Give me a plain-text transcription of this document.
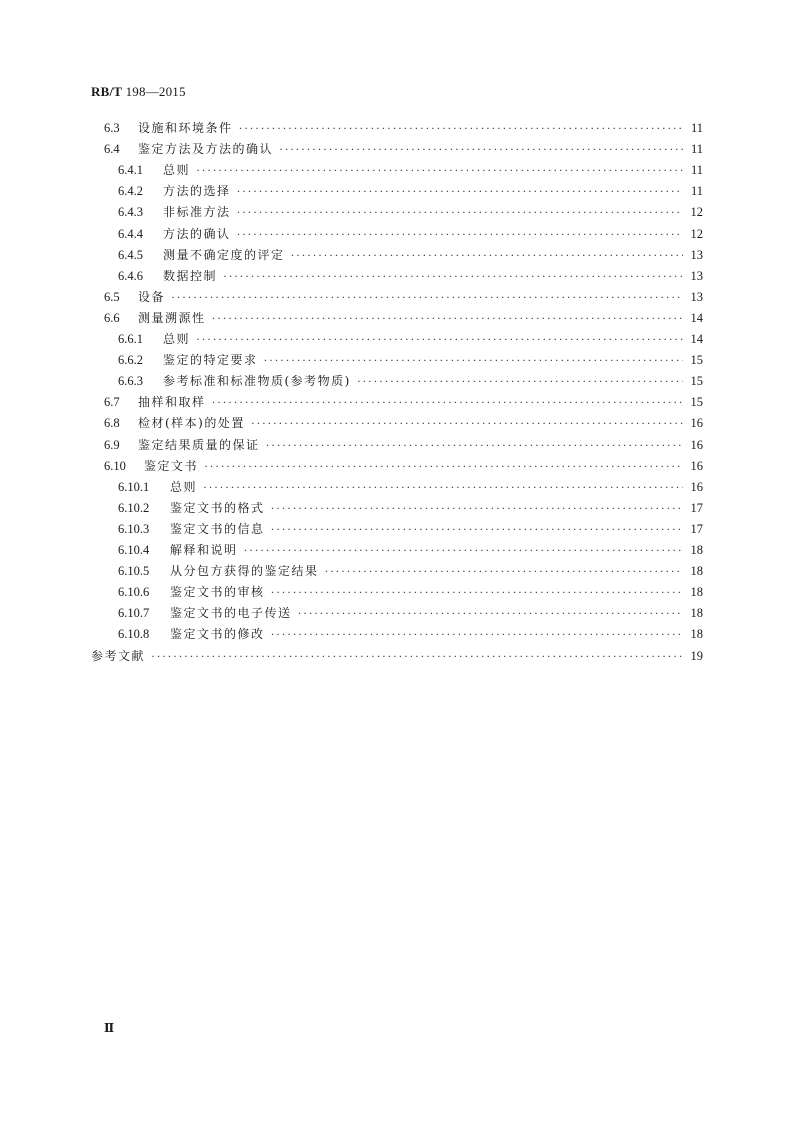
RB/T 198—2015
6.3	设施和环境条件 ·····	11
6.4	鉴定方法及方法的确认 ·····	11
6.4.1	总则 ·····	11
6.4.2	方法的选择 ·····	11
6.4.3	非标准方法 ·····	12
6.4.4	方法的确认 ·····	12
6.4.5	测量不确定度的评定 ·····	13
6.4.6	数据控制 ·····	13
6.5	设备 ·····	13
6.6	测量溯源性 ·····	14
6.6.1	总则 ·····	14
6.6.2	鉴定的特定要求 ·····	15
6.6.3	参考标准和标准物质(参考物质) ·····	15
6.7	抽样和取样 ·····	15
6.8	检材(样本)的处置 ·····	16
6.9	鉴定结果质量的保证 ·····	16
6.10	鉴定文书 ·····	16
6.10.1	总则 ·····	16
6.10.2	鉴定文书的格式 ·····	17
6.10.3	鉴定文书的信息 ·····	17
6.10.4	解释和说明 ·····	18
6.10.5	从分包方获得的鉴定结果 ·····	18
6.10.6	鉴定文书的审核 ·····	18
6.10.7	鉴定文书的电子传送 ·····	18
6.10.8	鉴定文书的修改 ·····	18
参考文献 ·····	19
Ⅱ
